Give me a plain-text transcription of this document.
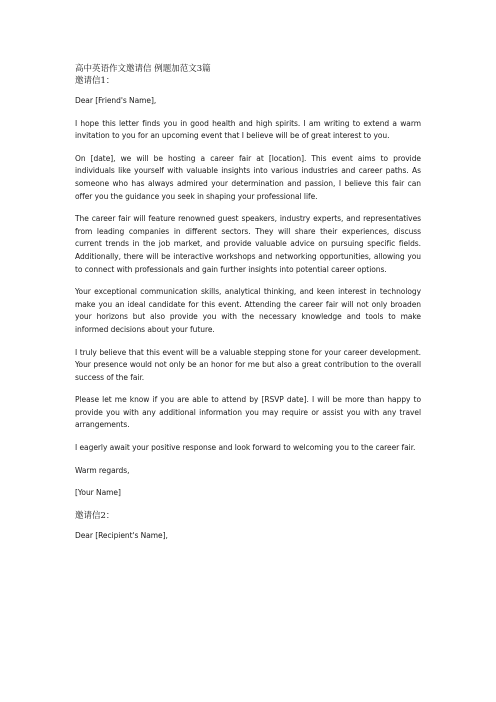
高中英语作文邀请信 例题加范文3篇

邀请信1：

Dear [Friend's Name],

I hope this letter finds you in good health and high spirits. I am writing to extend a warm invitation to you for an upcoming event that I believe will be of great interest to you.

On [date], we will be hosting a career fair at [location]. This event aims to provide individuals like yourself with valuable insights into various industries and career paths. As someone who has always admired your determination and passion, I believe this fair can offer you the guidance you seek in shaping your professional life.

The career fair will feature renowned guest speakers, industry experts, and representatives from leading companies in different sectors. They will share their experiences, discuss current trends in the job market, and provide valuable advice on pursuing specific fields. Additionally, there will be interactive workshops and networking opportunities, allowing you to connect with professionals and gain further insights into potential career options.

Your exceptional communication skills, analytical thinking, and keen interest in technology make you an ideal candidate for this event. Attending the career fair will not only broaden your horizons but also provide you with the necessary knowledge and tools to make informed decisions about your future.

I truly believe that this event will be a valuable stepping stone for your career development. Your presence would not only be an honor for me but also a great contribution to the overall success of the fair.

Please let me know if you are able to attend by [RSVP date]. I will be more than happy to provide you with any additional information you may require or assist you with any travel arrangements.

I eagerly await your positive response and look forward to welcoming you to the career fair.

Warm regards,

[Your Name]

邀请信2：

Dear [Recipient's Name],
